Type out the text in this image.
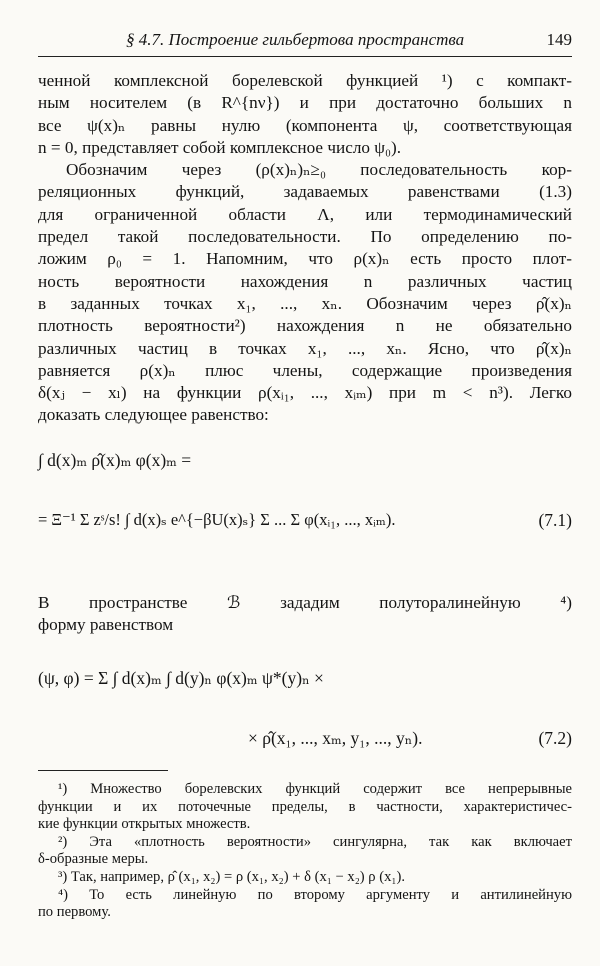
§ 4.7. Построение гильбертова пространства	149
ченной комплексной борелевской функцией ¹) с компакт-
ным носителем (в R^{nν}) и при достаточно больших n
все ψ(x)ₙ равны нулю (компонента ψ, соответствующая
n = 0, представляет собой комплексное число ψ₀).
Обозначим через (ρ(x)ₙ)ₙ≥₀ последовательность кор-
реляционных функций, задаваемых равенствами (1.3)
для ограниченной области Λ, или термодинамический
предел такой последовательности. По определению по-
ложим ρ₀ = 1. Напомним, что ρ(x)ₙ есть просто плот-
ность вероятности нахождения n различных частиц
в заданных точках x₁, ..., xₙ. Обозначим через ρ̂(x)ₙ
плотность вероятности²) нахождения n не обязательно
различных частиц в точках x₁, ..., xₙ. Ясно, что ρ̂(x)ₙ
равняется ρ(x)ₙ плюс члены, содержащие произведения
δ(xⱼ − xₗ) на функции ρ(xᵢ₁, ..., xᵢₘ) при m < n³). Легко
доказать следующее равенство:
∫ d(x)ₘ ρ̂(x)ₘ φ(x)ₘ =
= Ξ⁻¹ Σ zˢ/s! ∫ d(x)ₛ e^{−βU(x)ₛ} Σ ... Σ φ(xᵢ₁, ..., xᵢₘ).	(7.1)
В пространстве ℬ зададим полуторалинейную ⁴)
форму равенством
(ψ, φ) = Σ ∫ d(x)ₘ ∫ d(y)ₙ φ(x)ₘ ψ*(y)ₙ ×
× ρ̂(x₁, ..., xₘ, y₁, ..., yₙ).	(7.2)
¹) Множество борелевских функций содержит все непрерывные
функции и их поточечные пределы, в частности, характеристичес-
кие функции открытых множеств.
²) Эта «плотность вероятности» сингулярна, так как включает
δ-образные меры.
³) Так, например, ρ̂ (x₁, x₂) = ρ (x₁, x₂) + δ (x₁ − x₂) ρ (x₁).
⁴) То есть линейную по второму аргументу и антилинейную
по первому.
